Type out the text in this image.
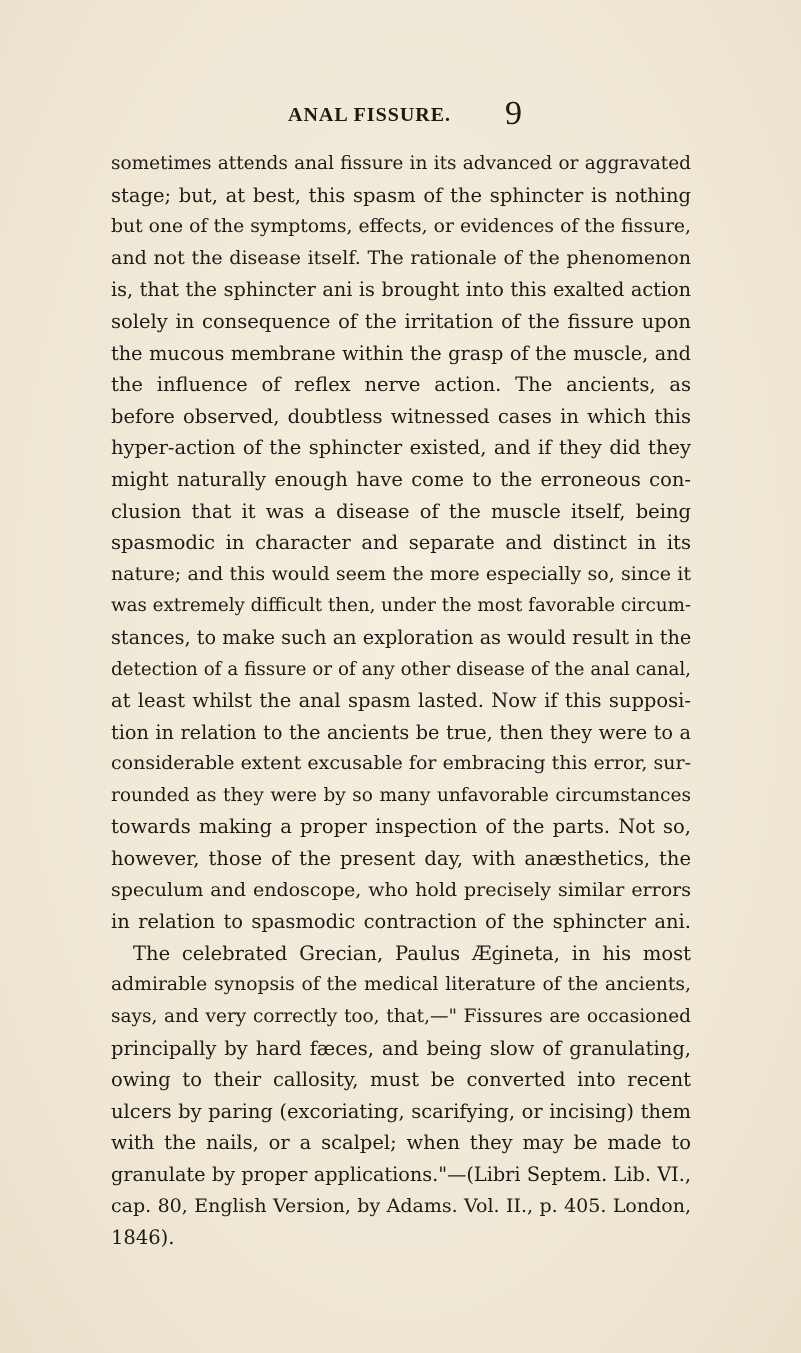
ANAL FISSURE. 9
sometimes attends anal fissure in its advanced or aggravated
stage; but, at best, this spasm of the sphincter is nothing
but one of the symptoms, effects, or evidences of the fissure,
and not the disease itself. The rationale of the phenomenon
is, that the sphincter ani is brought into this exalted action
solely in consequence of the irritation of the fissure upon
the mucous membrane within the grasp of the muscle, and
the influence of reflex nerve action. The ancients, as
before observed, doubtless witnessed cases in which this
hyper-action of the sphincter existed, and if they did they
might naturally enough have come to the erroneous con-
clusion that it was a disease of the muscle itself, being
spasmodic in character and separate and distinct in its
nature; and this would seem the more especially so, since it
was extremely difficult then, under the most favorable circum-
stances, to make such an exploration as would result in the
detection of a fissure or of any other disease of the anal canal,
at least whilst the anal spasm lasted. Now if this supposi-
tion in relation to the ancients be true, then they were to a
considerable extent excusable for embracing this error, sur-
rounded as they were by so many unfavorable circumstances
towards making a proper inspection of the parts. Not so,
however, those of the present day, with anæsthetics, the
speculum and endoscope, who hold precisely similar errors
in relation to spasmodic contraction of the sphincter ani.
The celebrated Grecian, Paulus Ægineta, in his most
admirable synopsis of the medical literature of the ancients,
says, and very correctly too, that,—" Fissures are occasioned
principally by hard fæces, and being slow of granulating,
owing to their callosity, must be converted into recent
ulcers by paring (excoriating, scarifying, or incising) them
with the nails, or a scalpel; when they may be made to
granulate by proper applications."—(Libri Septem. Lib. VI.,
cap. 80, English Version, by Adams. Vol. II., p. 405. London,
1846).
